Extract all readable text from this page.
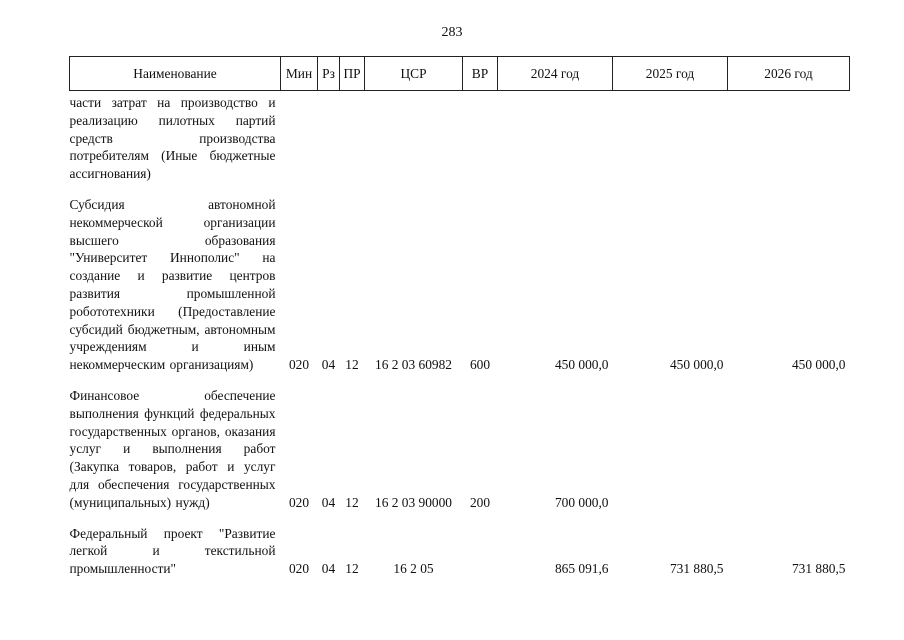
283
Наименование	Мин	Рз	ПР	ЦСР	ВР	2024 год	2025 год	2026 год
части затрат на производство и реализацию пилотных партий средств производства потребителям (Иные бюджетные ассигнования)								
Субсидия автономной некоммерческой организации высшего образования "Университет Иннополис" на создание и развитие центров развития промышленной робототехники (Предоставление субсидий бюджетным, автономным учреждениям и иным некоммерческим организациям)	020	04	12	16 2 03 60982	600	450 000,0	450 000,0	450 000,0
Финансовое обеспечение выполнения функций федеральных государственных органов, оказания услуг и выполнения работ (Закупка товаров, работ и услуг для обеспечения государственных (муниципальных) нужд)	020	04	12	16 2 03 90000	200	700 000,0		
Федеральный проект "Развитие легкой и текстильной промышленности"	020	04	12	16 2 05		865 091,6	731 880,5	731 880,5
